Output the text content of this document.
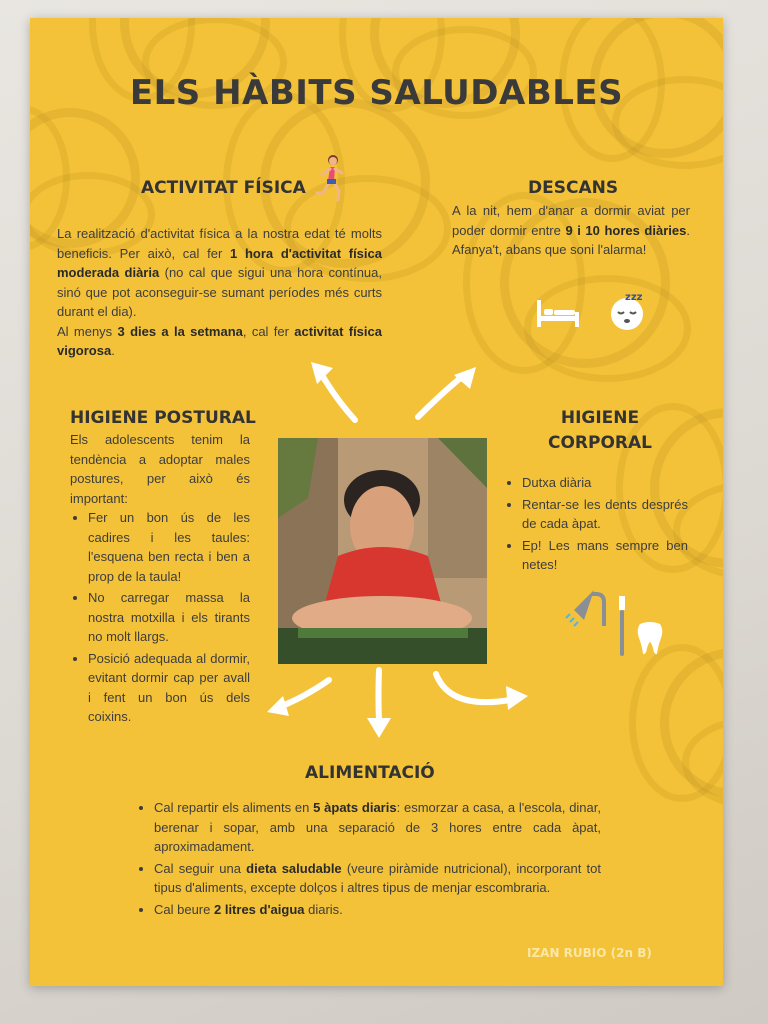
ELS HÀBITS SALUDABLES
ACTIVITAT FÍSICA
La realització d'activitat física a la nostra edat té molts beneficis. Per això, cal fer 1 hora d'activitat física moderada diària (no cal que sigui una hora contínua, sinó que pot aconseguir-se sumant períodes més curts durant el dia).
Al menys 3 dies a la setmana, cal fer activitat física vigorosa.
DESCANS
A la nit, hem d'anar a dormir aviat per poder dormir entre 9 i 10 hores diàries. Afanya't, abans que soni l'alarma!
zzz
HIGIENE POSTURAL
Els adolescents tenim la tendència a adoptar males postures, per això és important:
• Fer un bon ús de les cadires i les taules: l'esquena ben recta i ben a prop de la taula!
• No carregar massa la nostra motxilla i els tirants no molt llargs.
• Posició adequada al dormir, evitant dormir cap per avall i fent un bon ús dels coixins.
HIGIENE
CORPORAL
• Dutxa diària
• Rentar-se les dents després de cada àpat.
• Ep! Les mans sempre ben netes!
ALIMENTACIÓ
• Cal repartir els aliments en 5 àpats diaris: esmorzar a casa, a l'escola, dinar, berenar i sopar, amb una separació de 3 hores entre cada àpat, aproximadament.
• Cal seguir una dieta saludable (veure piràmide nutricional), incorporant tot tipus d'aliments, excepte dolços i altres tipus de menjar escombraria.
• Cal beure 2 litres d'aigua diaris.
IZAN RUBIO (2n B)
